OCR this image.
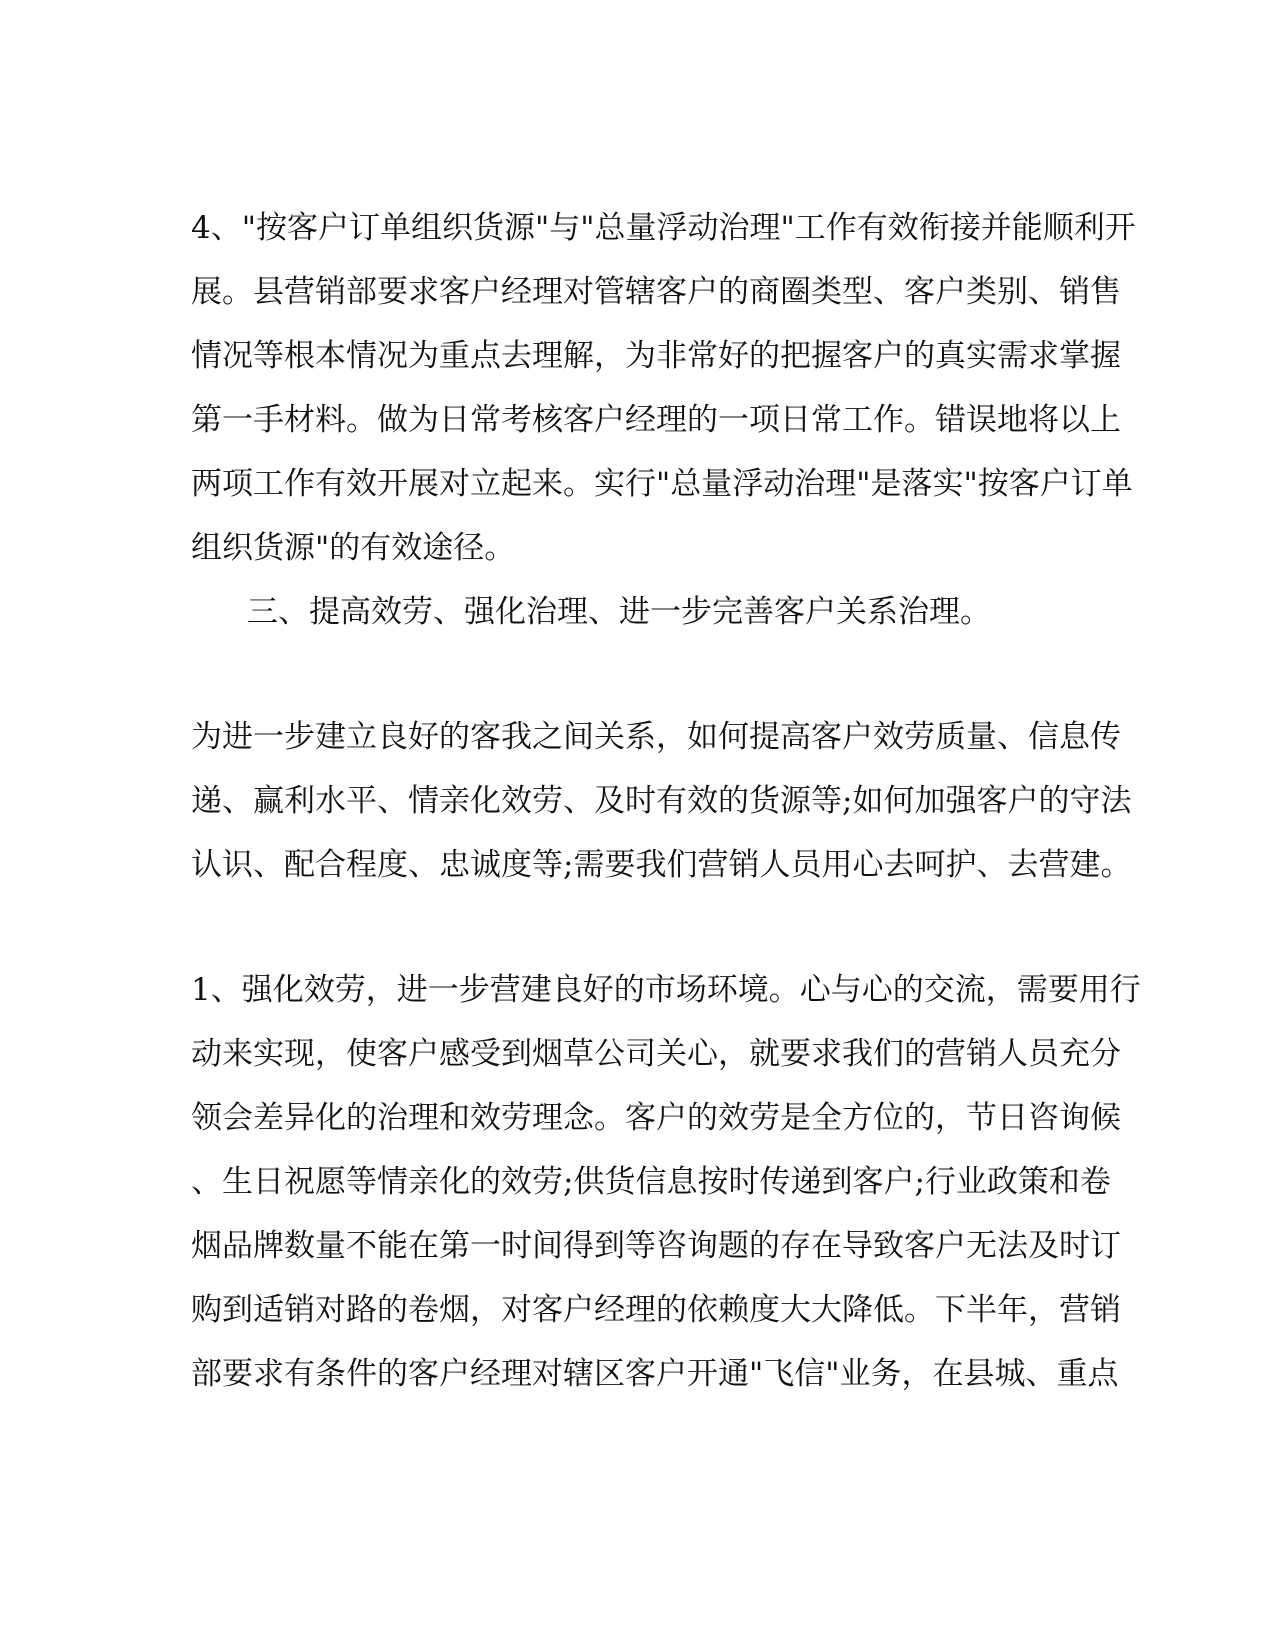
4、"按客户订单组织货源"与"总量浮动治理"工作有效衔接并能顺利开
展。县营销部要求客户经理对管辖客户的商圈类型、客户类别、销售
情况等根本情况为重点去理解，为非常好的把握客户的真实需求掌握
第一手材料。做为日常考核客户经理的一项日常工作。错误地将以上
两项工作有效开展对立起来。实行"总量浮动治理"是落实"按客户订单
组织货源"的有效途径。
三、提高效劳、强化治理、进一步完善客户关系治理。
为进一步建立良好的客我之间关系，如何提高客户效劳质量、信息传
递、赢利水平、情亲化效劳、及时有效的货源等;如何加强客户的守法
认识、配合程度、忠诚度等;需要我们营销人员用心去呵护、去营建。
1、强化效劳，进一步营建良好的市场环境。心与心的交流，需要用行
动来实现，使客户感受到烟草公司关心，就要求我们的营销人员充分
领会差异化的治理和效劳理念。客户的效劳是全方位的，节日咨询候
、生日祝愿等情亲化的效劳;供货信息按时传递到客户;行业政策和卷
烟品牌数量不能在第一时间得到等咨询题的存在导致客户无法及时订
购到适销对路的卷烟，对客户经理的依赖度大大降低。下半年，营销
部要求有条件的客户经理对辖区客户开通"飞信"业务，在县城、重点
